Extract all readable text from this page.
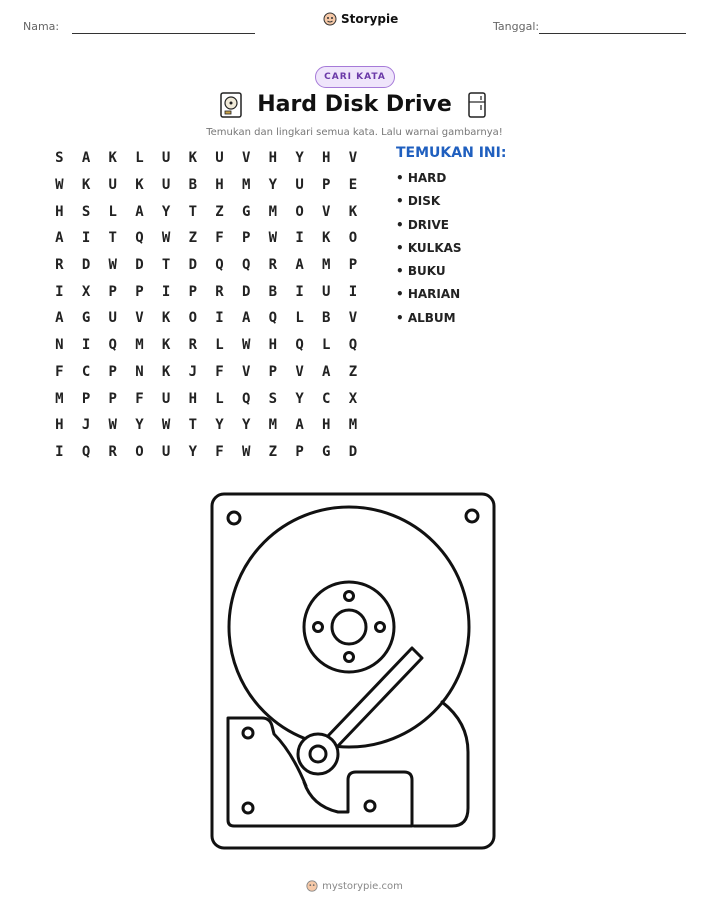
Nama:
Storypie
Tanggal:
CARI KATA
Hard Disk Drive
Temukan dan lingkari semua kata. Lalu warnai gambarnya!
S	A	K	L	U	K	U	V	H	Y	H	V
W	K	U	K	U	B	H	M	Y	U	P	E
H	S	L	A	Y	T	Z	G	M	O	V	K
A	I	T	Q	W	Z	F	P	W	I	K	O
R	D	W	D	T	D	Q	Q	R	A	M	P
I	X	P	P	I	P	R	D	B	I	U	I
A	G	U	V	K	O	I	A	Q	L	B	V
N	I	Q	M	K	R	L	W	H	Q	L	Q
F	C	P	N	K	J	F	V	P	V	A	Z
M	P	P	F	U	H	L	Q	S	Y	C	X
H	J	W	Y	W	T	Y	Y	M	A	H	M
I	Q	R	O	U	Y	F	W	Z	P	G	D
TEMUKAN INI:
• HARD
• DISK
• DRIVE
• KULKAS
• BUKU
• HARIAN
• ALBUM
mystorypie.com
